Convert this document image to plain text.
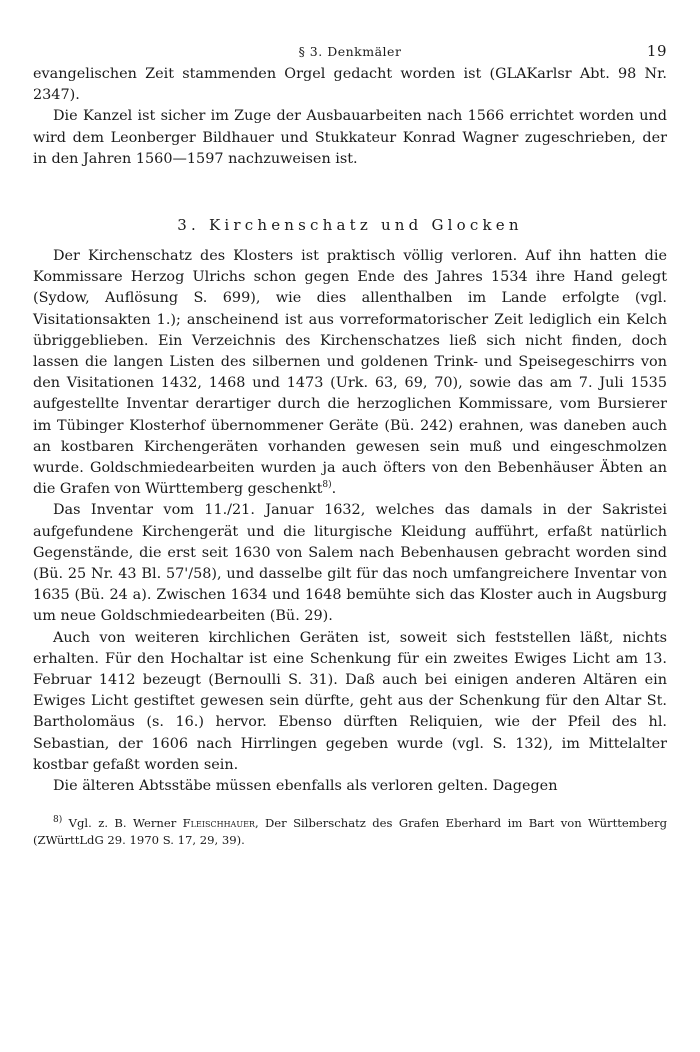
§ 3. Denkmäler	19

evangelischen Zeit stammenden Orgel gedacht worden ist (GLAKarlsr Abt. 98 Nr. 2347).

Die Kanzel ist sicher im Zuge der Ausbauarbeiten nach 1566 errichtet worden und wird dem Leonberger Bildhauer und Stukkateur Konrad Wagner zugeschrieben, der in den Jahren 1560—1597 nachzuweisen ist.

3. Kirchenschatz und Glocken

Der Kirchenschatz des Klosters ist praktisch völlig verloren. Auf ihn hatten die Kommissare Herzog Ulrichs schon gegen Ende des Jahres 1534 ihre Hand gelegt (Sydow, Auflösung S. 699), wie dies allenthalben im Lande erfolgte (vgl. Visitationsakten 1.); anscheinend ist aus vorreformatorischer Zeit lediglich ein Kelch übriggeblieben. Ein Verzeichnis des Kirchenschatzes ließ sich nicht finden, doch lassen die langen Listen des silbernen und goldenen Trink- und Speisegeschirrs von den Visitationen 1432, 1468 und 1473 (Urk. 63, 69, 70), sowie das am 7. Juli 1535 aufgestellte Inventar derartiger durch die herzoglichen Kommissare, vom Bursierer im Tübinger Klosterhof übernommener Geräte (Bü. 242) erahnen, was daneben auch an kostbaren Kirchengeräten vorhanden gewesen sein muß und eingeschmolzen wurde. Goldschmiedearbeiten wurden ja auch öfters von den Bebenhäuser Äbten an die Grafen von Württemberg geschenkt$^{8)}$.

Das Inventar vom 11./21. Januar 1632, welches das damals in der Sakristei aufgefundene Kirchengerät und die liturgische Kleidung aufführt, erfaßt natürlich Gegenstände, die erst seit 1630 von Salem nach Bebenhausen gebracht worden sind (Bü. 25 Nr. 43 Bl. 57'/58), und dasselbe gilt für das noch umfangreichere Inventar von 1635 (Bü. 24 a). Zwischen 1634 und 1648 bemühte sich das Kloster auch in Augsburg um neue Goldschmiedearbeiten (Bü. 29).

Auch von weiteren kirchlichen Geräten ist, soweit sich feststellen läßt, nichts erhalten. Für den Hochaltar ist eine Schenkung für ein zweites Ewiges Licht am 13. Februar 1412 bezeugt (Bernoulli S. 31). Daß auch bei einigen anderen Altären ein Ewiges Licht gestiftet gewesen sein dürfte, geht aus der Schenkung für den Altar St. Bartholomäus (s. 16.) hervor. Ebenso dürften Reliquien, wie der Pfeil des hl. Sebastian, der 1606 nach Hirrlingen gegeben wurde (vgl. S. 132), im Mittelalter kostbar gefaßt worden sein.

Die älteren Abtsstäbe müssen ebenfalls als verloren gelten. Dagegen

$^{8)}$ Vgl. z. B. Werner Fleischhauer, Der Silberschatz des Grafen Eberhard im Bart von Württemberg (ZWürttLdG 29. 1970 S. 17, 29, 39).
